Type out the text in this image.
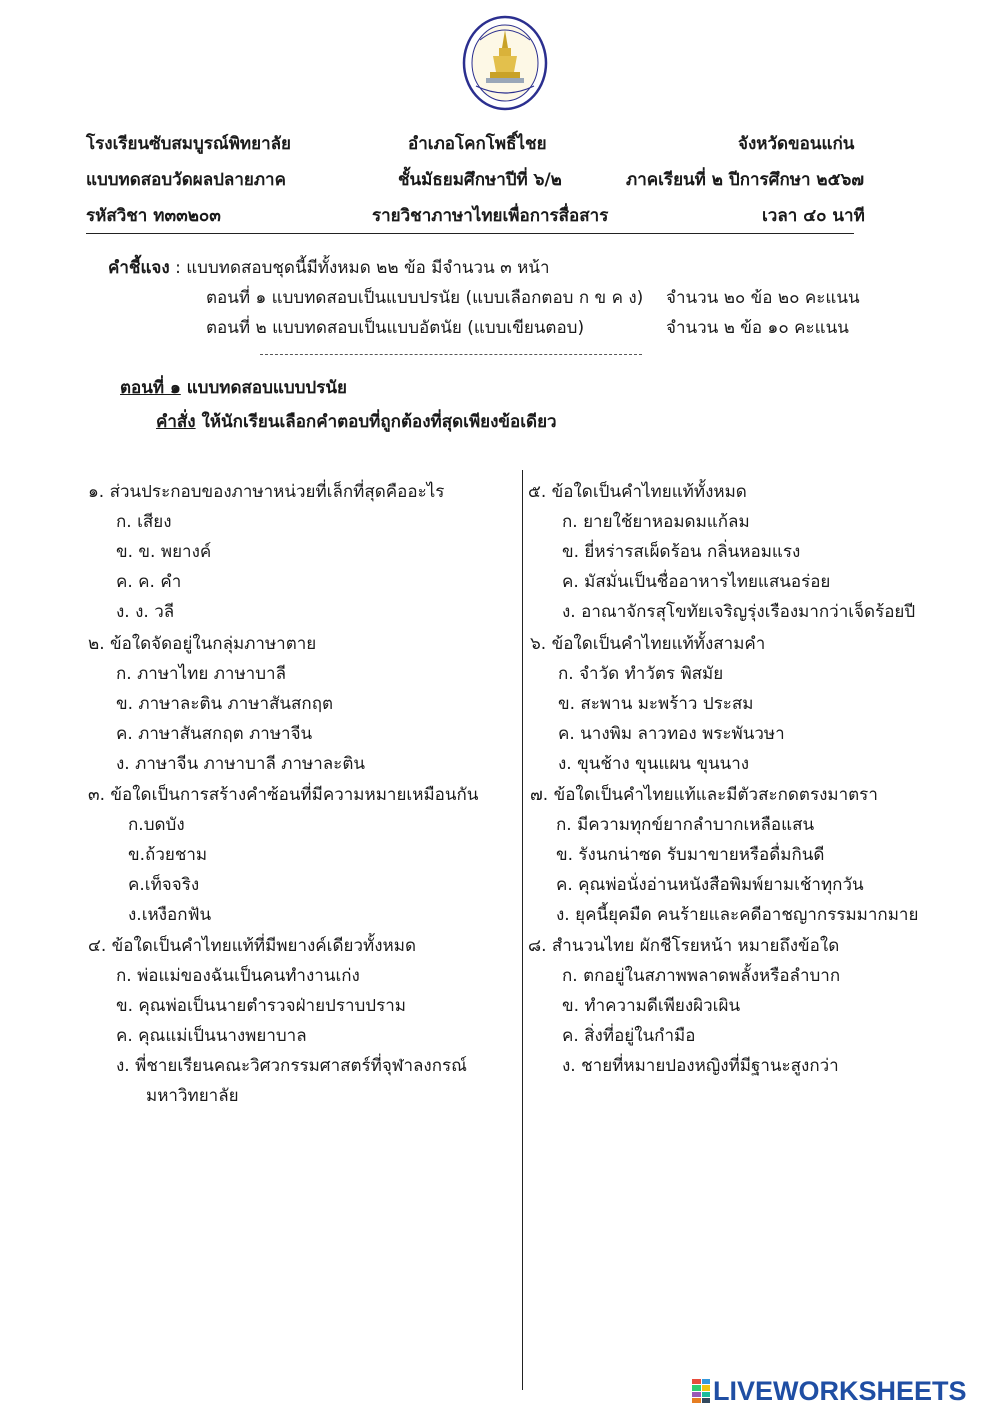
โรงเรียนซับสมบูรณ์พิทยาลัย	อำเภอโคกโพธิ์ไชย	จังหวัดขอนแก่น
แบบทดสอบวัดผลปลายภาค	ชั้นมัธยมศึกษาปีที่ ๖/๒	ภาคเรียนที่ ๒ ปีการศึกษา ๒๕๖๗
รหัสวิชา ท๓๓๒๐๓	รายวิชาภาษาไทยเพื่อการสื่อสาร	เวลา ๔๐ นาที
คำชี้แจง : แบบทดสอบชุดนี้มีทั้งหมด ๒๒ ข้อ มีจำนวน ๓ หน้า
ตอนที่ ๑ แบบทดสอบเป็นแบบปรนัย (แบบเลือกตอบ ก ข ค ง) จำนวน ๒๐ ข้อ ๒๐ คะแนน
ตอนที่ ๒ แบบทดสอบเป็นแบบอัตนัย (แบบเขียนตอบ)	จำนวน ๒ ข้อ ๑๐ คะแนน
ตอนที่ ๑ แบบทดสอบแบบปรนัย
คำสั่ง ให้นักเรียนเลือกคำตอบที่ถูกต้องที่สุดเพียงข้อเดียว
๑. ส่วนประกอบของภาษาหน่วยที่เล็กที่สุดคืออะไร
ก. เสียง
ข. ข. พยางค์
ค. ค. คำ
ง. ง. วลี
๒. ข้อใดจัดอยู่ในกลุ่มภาษาตาย
ก. ภาษาไทย ภาษาบาลี
ข. ภาษาละติน ภาษาสันสกฤต
ค. ภาษาสันสกฤต ภาษาจีน
ง. ภาษาจีน ภาษาบาลี ภาษาละติน
๓. ข้อใดเป็นการสร้างคำซ้อนที่มีความหมายเหมือนกัน
ก.บดบัง
ข.ถ้วยชาม
ค.เท็จจริง
ง.เหงือกฟัน
๔. ข้อใดเป็นคำไทยแท้ที่มีพยางค์เดียวทั้งหมด
ก. พ่อแม่ของฉันเป็นคนทำงานเก่ง
ข. คุณพ่อเป็นนายตำรวจฝ่ายปราบปราม
ค. คุณแม่เป็นนางพยาบาล
ง. พี่ชายเรียนคณะวิศวกรรมศาสตร์ที่จุฬาลงกรณ์
มหาวิทยาลัย
๕. ข้อใดเป็นคำไทยแท้ทั้งหมด
ก. ยายใช้ยาหอมดมแก้ลม
ข. ยี่หร่ารสเผ็ดร้อน กลิ่นหอมแรง
ค. มัสมั่นเป็นชื่ออาหารไทยแสนอร่อย
ง. อาณาจักรสุโขทัยเจริญรุ่งเรืองมากว่าเจ็ดร้อยปี
๖. ข้อใดเป็นคำไทยแท้ทั้งสามคำ
ก. จำวัด ทำวัตร พิสมัย
ข. สะพาน มะพร้าว ประสม
ค. นางพิม ลาวทอง พระพันวษา
ง. ขุนช้าง ขุนแผน ขุนนาง
๗. ข้อใดเป็นคำไทยแท้และมีตัวสะกดตรงมาตรา
ก. มีความทุกข์ยากลำบากเหลือแสน
ข. รังนกน่าซด รับมาขายหรือดื่มกินดี
ค. คุณพ่อนั่งอ่านหนังสือพิมพ์ยามเช้าทุกวัน
ง. ยุคนี้ยุคมืด คนร้ายและคดีอาชญากรรมมากมาย
๘. สำนวนไทย ผักชีโรยหน้า หมายถึงข้อใด
ก. ตกอยู่ในสภาพพลาดพลั้งหรือลำบาก
ข. ทำความดีเพียงผิวเผิน
ค. สิ่งที่อยู่ในกำมือ
ง. ชายที่หมายปองหญิงที่มีฐานะสูงกว่า
LIVEWORKSHEETS
